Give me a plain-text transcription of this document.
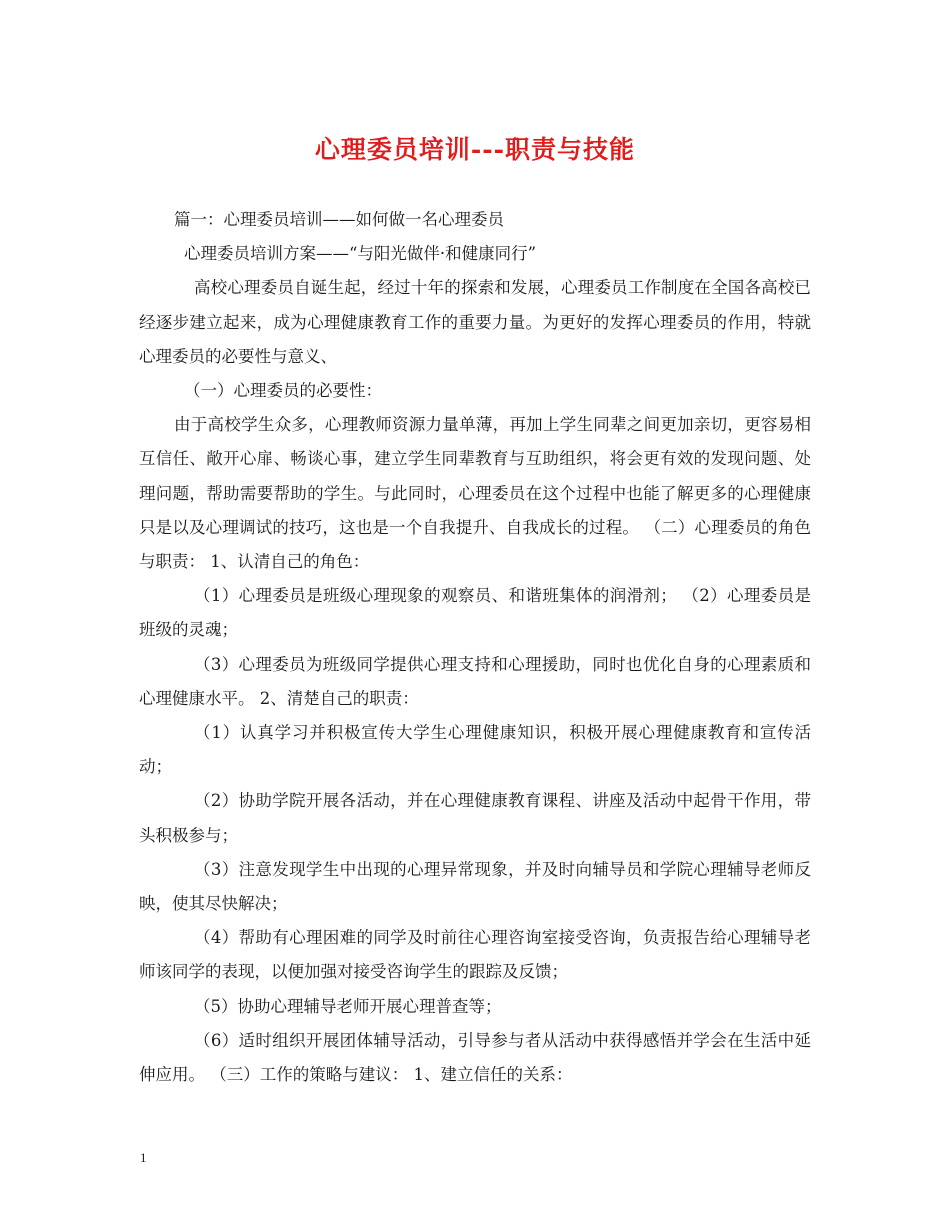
心理委员培训---职责与技能

篇一：心理委员培训——如何做一名心理委员

心理委员培训方案——“与阳光做伴·和健康同行”

高校心理委员自诞生起，经过十年的探索和发展，心理委员工作制度在全国各高校已经逐步建立起来，成为心理健康教育工作的重要力量。为更好的发挥心理委员的作用，特就心理委员的必要性与意义、

（一）心理委员的必要性：

由于高校学生众多，心理教师资源力量单薄，再加上学生同辈之间更加亲切，更容易相互信任、敞开心扉、畅谈心事，建立学生同辈教育与互助组织，将会更有效的发现问题、处理问题，帮助需要帮助的学生。与此同时，心理委员在这个过程中也能了解更多的心理健康只是以及心理调试的技巧，这也是一个自我提升、自我成长的过程。 （二）心理委员的角色与职责： 1、认清自己的角色：

（1）心理委员是班级心理现象的观察员、和谐班集体的润滑剂； （2）心理委员是班级的灵魂；

（3）心理委员为班级同学提供心理支持和心理援助，同时也优化自身的心理素质和心理健康水平。 2、清楚自己的职责：

（1）认真学习并积极宣传大学生心理健康知识，积极开展心理健康教育和宣传活动；

（2）协助学院开展各活动，并在心理健康教育课程、讲座及活动中起骨干作用，带头积极参与；

（3）注意发现学生中出现的心理异常现象，并及时向辅导员和学院心理辅导老师反映，使其尽快解决；

（4）帮助有心理困难的同学及时前往心理咨询室接受咨询，负责报告给心理辅导老师该同学的表现，以便加强对接受咨询学生的跟踪及反馈；

（5）协助心理辅导老师开展心理普查等；

（6）适时组织开展团体辅导活动，引导参与者从活动中获得感悟并学会在生活中延伸应用。 （三）工作的策略与建议： 1、建立信任的关系：

1
